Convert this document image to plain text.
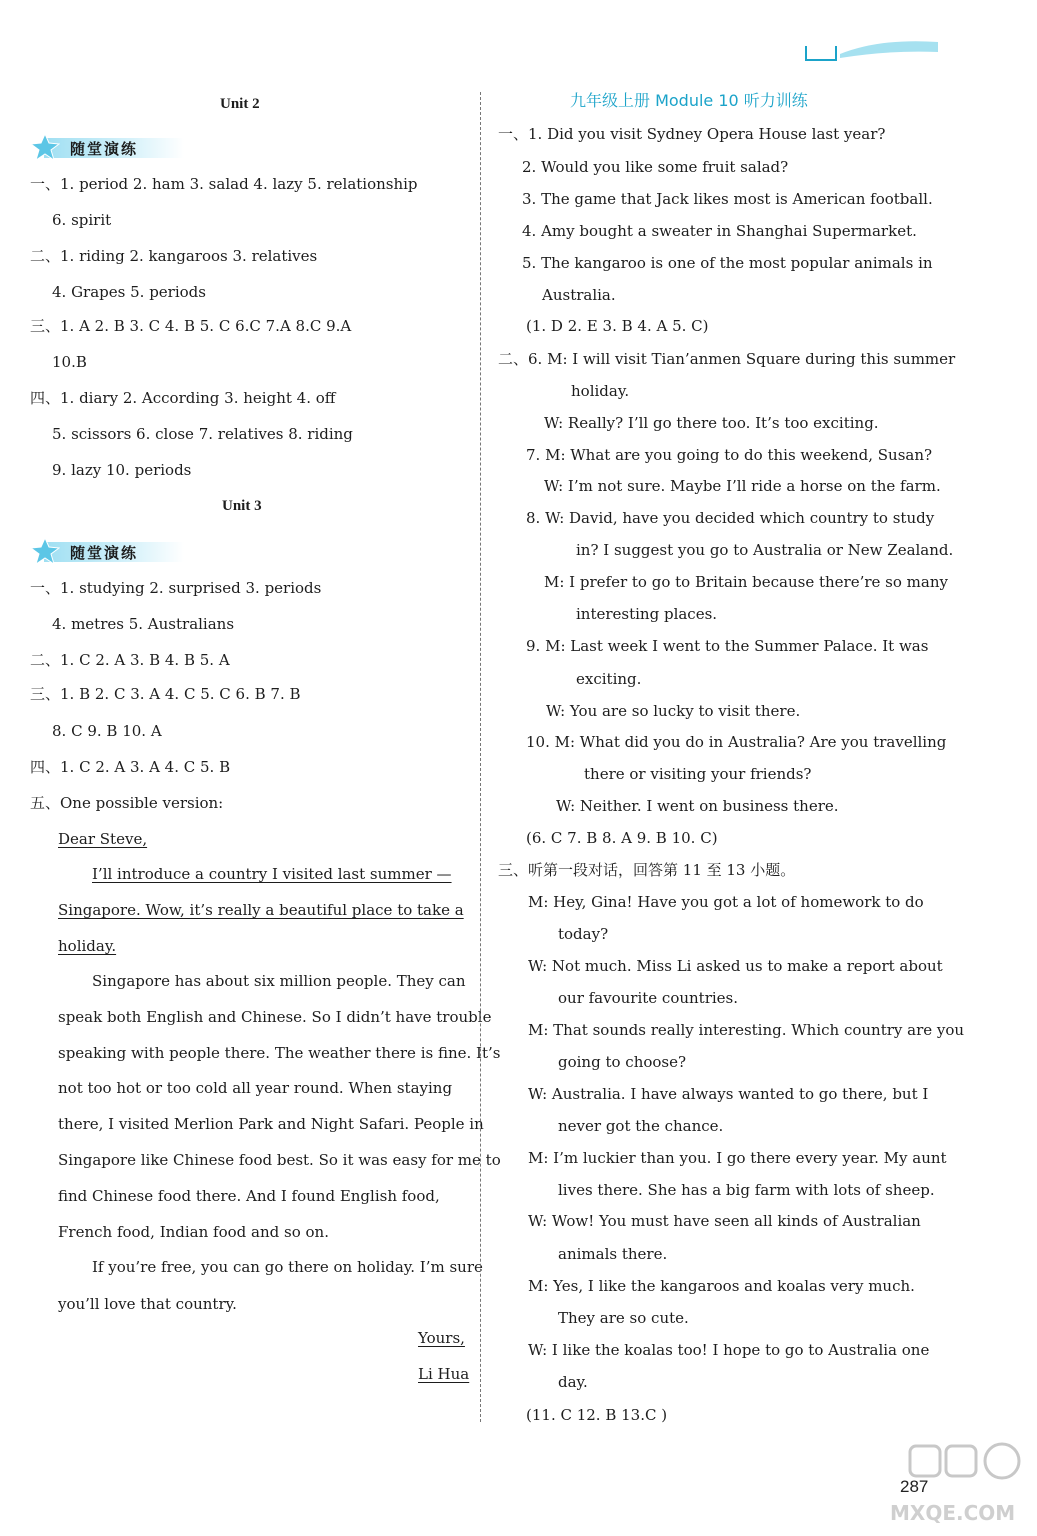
Unit 2
随堂演练
一、1. period 2. ham 3. salad 4. lazy 5. relationship
6. spirit
二、1. riding 2. kangaroos 3. relatives
4. Grapes 5. periods
三、1. A 2. B 3. C 4. B 5. C 6.C 7.A 8.C 9.A
10.B
四、1. diary 2. According 3. height 4. off
5. scissors 6. close 7. relatives 8. riding
9. lazy 10. periods
Unit 3
随堂演练
一、1. studying 2. surprised 3. periods
4. metres 5. Australians
二、1. C 2. A 3. B 4. B 5. A
三、1. B 2. C 3. A 4. C 5. C 6. B 7. B
8. C 9. B 10. A
四、1. C 2. A 3. A 4. C 5. B
五、One possible version:
Dear Steve,
I’ll introduce a country I visited last summer —
Singapore. Wow, it’s really a beautiful place to take a
holiday.
Singapore has about six million people. They can
speak both English and Chinese. So I didn’t have trouble
speaking with people there. The weather there is fine. It’s
not too hot or too cold all year round. When staying
there, I visited Merlion Park and Night Safari. People in
Singapore like Chinese food best. So it was easy for me to
find Chinese food there. And I found English food,
French food, Indian food and so on.
If you’re free, you can go there on holiday. I’m sure
you’ll love that country.
Yours,
Li Hua
九年级上册 Module 10 听力训练
一、1. Did you visit Sydney Opera House last year?
2. Would you like some fruit salad?
3. The game that Jack likes most is American football.
4. Amy bought a sweater in Shanghai Supermarket.
5. The kangaroo is one of the most popular animals in
Australia.
(1. D 2. E 3. B 4. A 5. C)
二、6. M: I will visit Tian’anmen Square during this summer
holiday.
W: Really? I’ll go there too. It’s too exciting.
7. M: What are you going to do this weekend, Susan?
W: I’m not sure. Maybe I’ll ride a horse on the farm.
8. W: David, have you decided which country to study
in? I suggest you go to Australia or New Zealand.
M: I prefer to go to Britain because there’re so many
interesting places.
9. M: Last week I went to the Summer Palace. It was
exciting.
W: You are so lucky to visit there.
10. M: What did you do in Australia? Are you travelling
there or visiting your friends?
W: Neither. I went on business there.
(6. C 7. B 8. A 9. B 10. C)
三、听第一段对话，回答第 11 至 13 小题。
M: Hey, Gina! Have you got a lot of homework to do
today?
W: Not much. Miss Li asked us to make a report about
our favourite countries.
M: That sounds really interesting. Which country are you
going to choose?
W: Australia. I have always wanted to go there, but I
never got the chance.
M: I’m luckier than you. I go there every year. My aunt
lives there. She has a big farm with lots of sheep.
W: Wow! You must have seen all kinds of Australian
animals there.
M: Yes, I like the kangaroos and koalas very much.
They are so cute.
W: I like the koalas too! I hope to go to Australia one
day.
(11. C 12. B 13.C )
MXQE.COM
287
